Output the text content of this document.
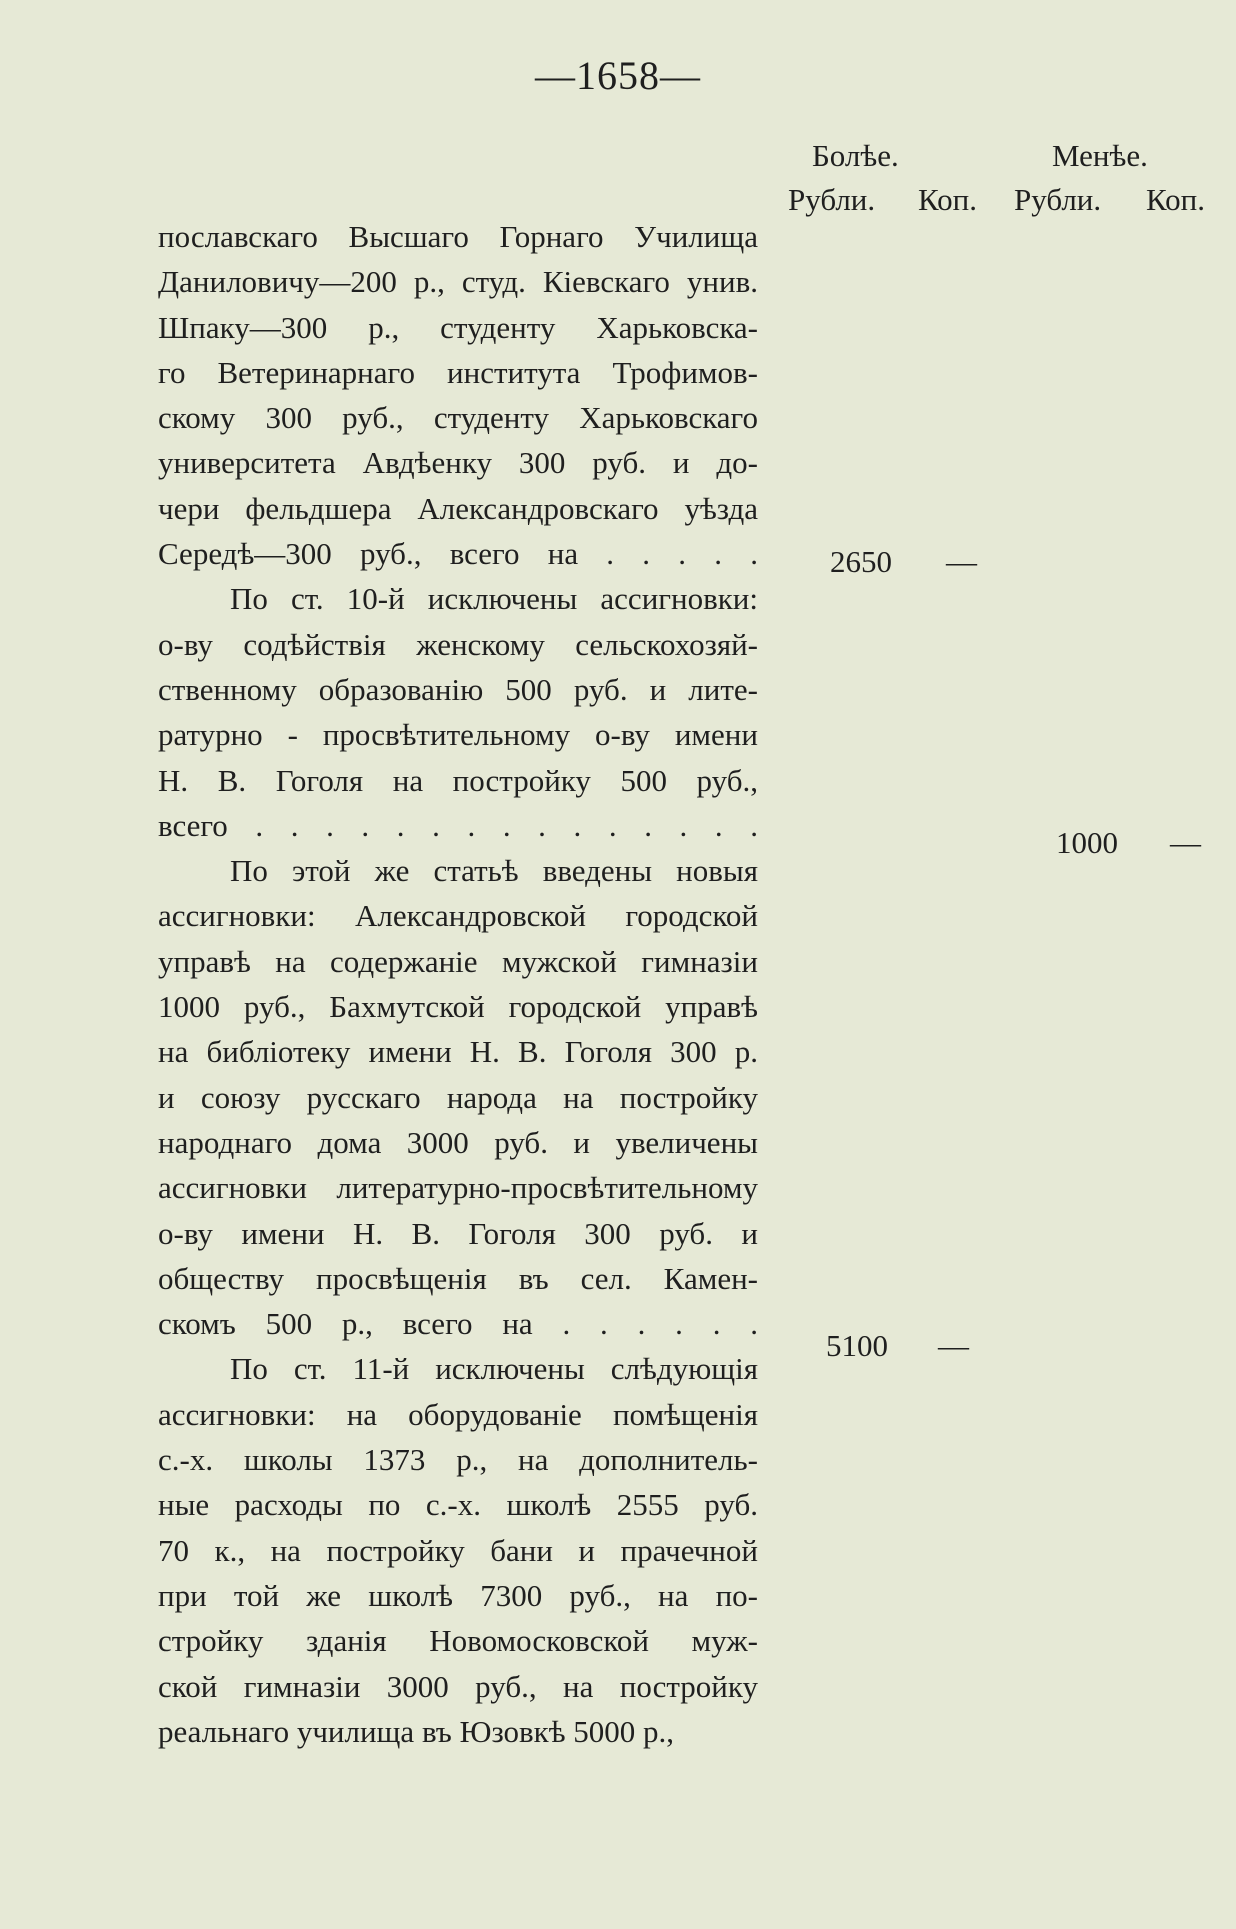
—1658—
Болѣе.	Менѣе.
Рубли. Коп. Рубли. Коп.
пославскаго Высшаго Горнаго Училища
Даниловичу—200 р., студ. Кіевскаго унив.
Шпаку—300 р., студенту Харьковска-
го Ветеринарнаго института Трофимов-
скому 300 руб., студенту Харьковскаго
университета Авдѣенку 300 руб. и до-
чери фельдшера Александровскаго уѣзда
Середѣ—300 руб., всего на . . . . .
По ст. 10-й исключены ассигновки:
о-ву содѣйствія женскому сельскохозяй-
ственному образованію 500 руб. и лите-
ратурно - просвѣтительному о-ву имени
Н. В. Гоголя на постройку 500 руб.,
всего . . . . . . . . . . . . . . .
По этой же статьѣ введены новыя
ассигновки: Александровской городской
управѣ на содержаніе мужской гимназіи
1000 руб., Бахмутской городской управѣ
на библіотеку имени Н. В. Гоголя 300 р.
и союзу русскаго народа на постройку
народнаго дома 3000 руб. и увеличены
ассигновки литературно-просвѣтительному
о-ву имени Н. В. Гоголя 300 руб. и
обществу просвѣщенія въ сел. Камен-
скомъ 500 р., всего на . . . . . .
По ст. 11-й исключены слѣдующія
ассигновки: на оборудованіе помѣщенія
с.-х. школы 1373 р., на дополнитель-
ные расходы по с.-х. школѣ 2555 руб.
70 к., на постройку бани и прачечной
при той же школѣ 7300 руб., на по-
стройку зданія Новомосковской муж-
ской гимназіи 3000 руб., на постройку
реальнаго училища въ Юзовкѣ 5000 р.,
2650 —
1000 —
5100 —
